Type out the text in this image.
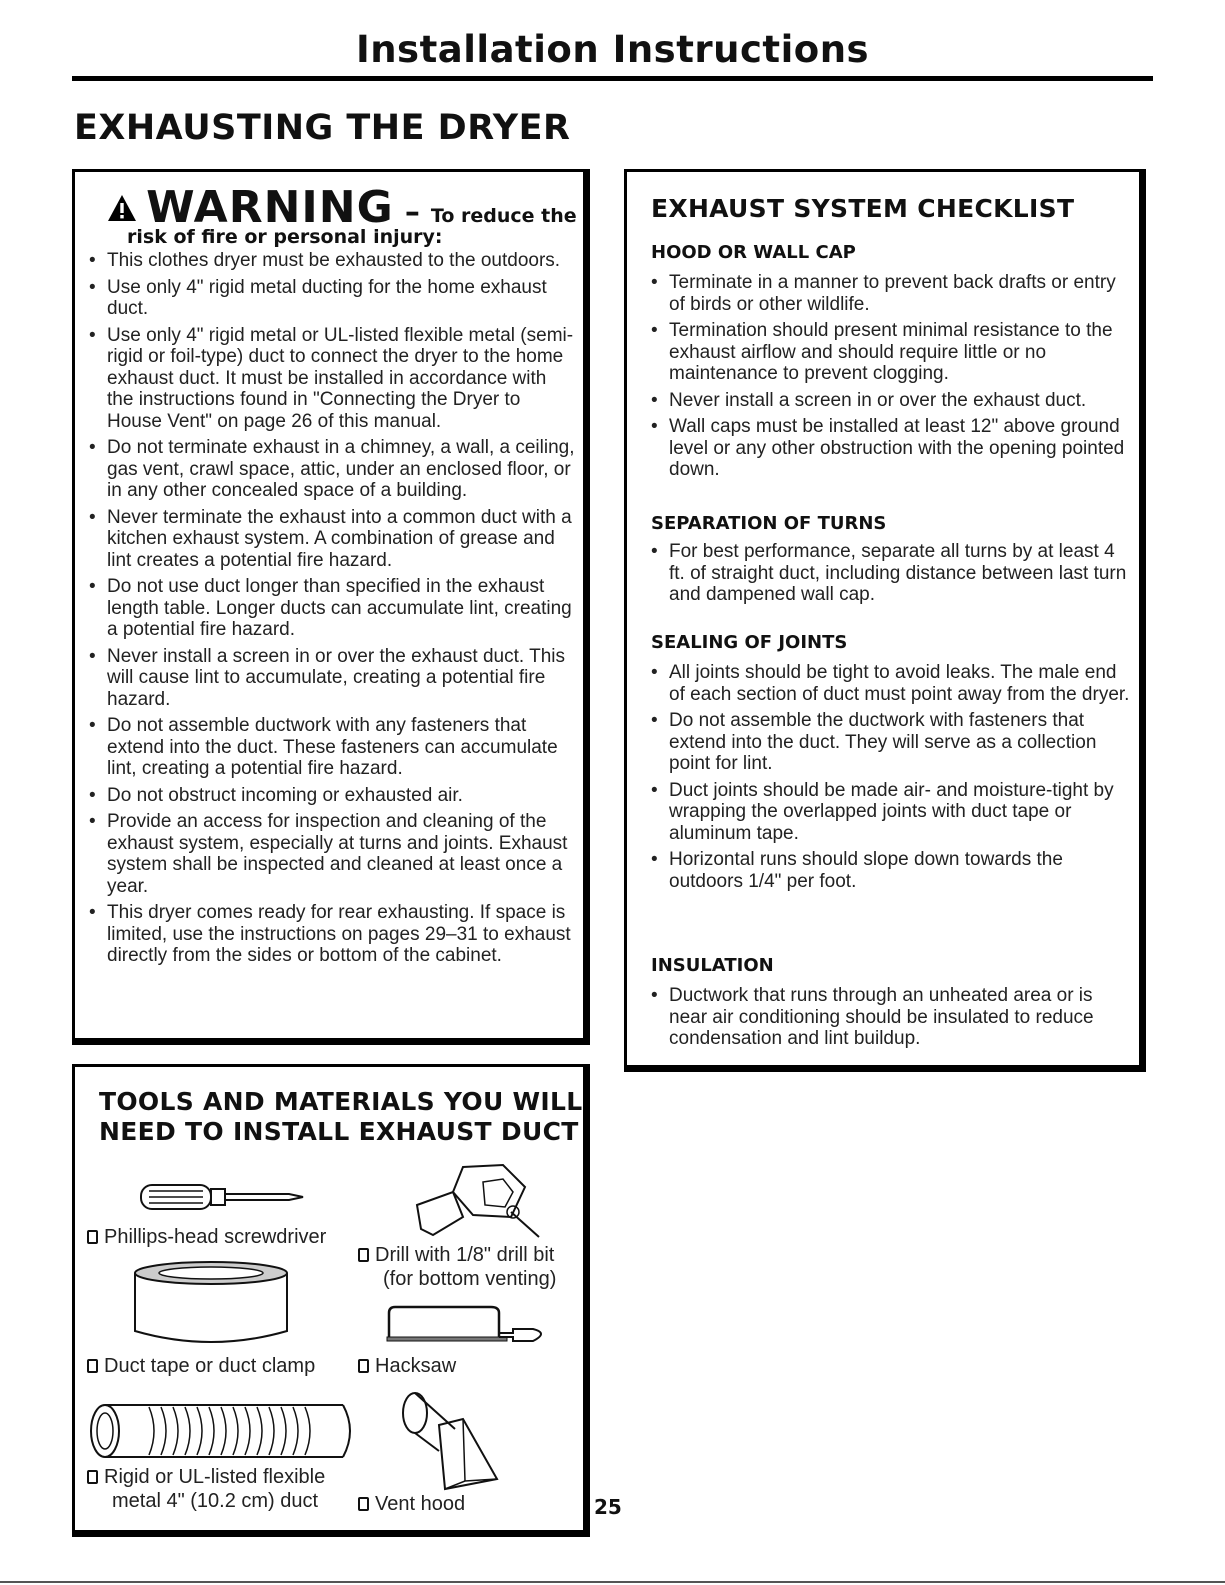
Installation Instructions
EXHAUSTING THE DRYER
WARNING – To reduce the
risk of fire or personal injury:
• This clothes dryer must be exhausted to the outdoors.
• Use only 4" rigid metal ducting for the home exhaust duct.
• Use only 4" rigid metal or UL-listed flexible metal (semi-rigid or foil-type) duct to connect the dryer to the home exhaust duct. It must be installed in accordance with the instructions found in "Connecting the Dryer to House Vent" on page 26 of this manual.
• Do not terminate exhaust in a chimney, a wall, a ceiling, gas vent, crawl space, attic, under an enclosed floor, or in any other concealed space of a building.
• Never terminate the exhaust into a common duct with a kitchen exhaust system. A combination of grease and lint creates a potential fire hazard.
• Do not use duct longer than specified in the exhaust length table. Longer ducts can accumulate lint, creating a potential fire hazard.
• Never install a screen in or over the exhaust duct. This will cause lint to accumulate, creating a potential fire hazard.
• Do not assemble ductwork with any fasteners that extend into the duct. These fasteners can accumulate lint, creating a potential fire hazard.
• Do not obstruct incoming or exhausted air.
• Provide an access for inspection and cleaning of the exhaust system, especially at turns and joints. Exhaust system shall be inspected and cleaned at least once a year.
• This dryer comes ready for rear exhausting. If space is limited, use the instructions on pages 29–31 to exhaust directly from the sides or bottom of the cabinet.
EXHAUST SYSTEM CHECKLIST
HOOD OR WALL CAP
• Terminate in a manner to prevent back drafts or entry of birds or other wildlife.
• Termination should present minimal resistance to the exhaust airflow and should require little or no maintenance to prevent clogging.
• Never install a screen in or over the exhaust duct.
• Wall caps must be installed at least 12" above ground level or any other obstruction with the opening pointed down.
SEPARATION OF TURNS
• For best performance, separate all turns by at least 4 ft. of straight duct, including distance between last turn and dampened wall cap.
SEALING OF JOINTS
• All joints should be tight to avoid leaks. The male end of each section of duct must point away from the dryer.
• Do not assemble the ductwork with fasteners that extend into the duct. They will serve as a collection point for lint.
• Duct joints should be made air- and moisture-tight by wrapping the overlapped joints with duct tape or aluminum tape.
• Horizontal runs should slope down towards the outdoors 1/4" per foot.
INSULATION
• Ductwork that runs through an unheated area or is near air conditioning should be insulated to reduce condensation and lint buildup.
TOOLS AND MATERIALS YOU WILL
NEED TO INSTALL EXHAUST DUCT
Phillips-head screwdriver
Drill with 1/8" drill bit
(for bottom venting)
Duct tape or duct clamp	Hacksaw
Rigid or UL-listed flexible
metal 4" (10.2 cm) duct	Vent hood	25
